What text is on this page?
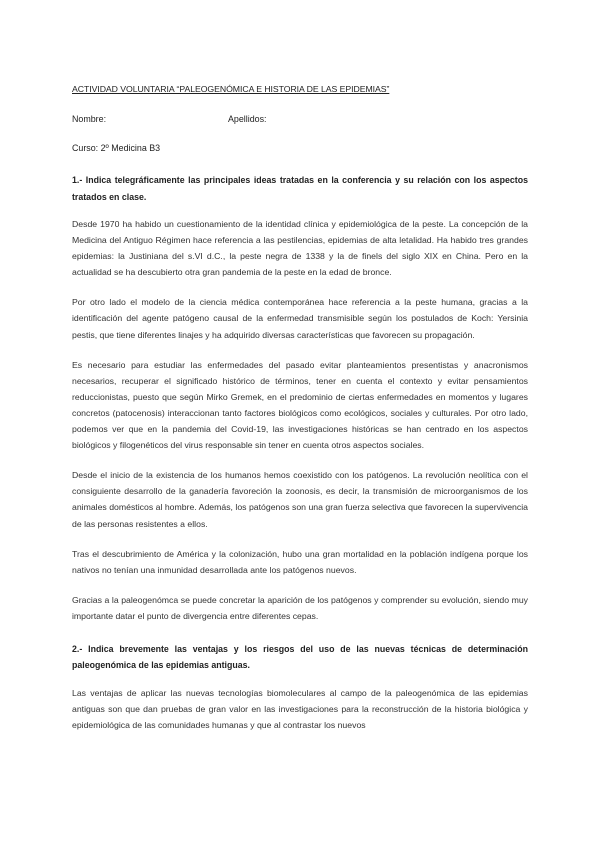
ACTIVIDAD VOLUNTARIA “PALEOGENÓMICA E HISTORIA DE LAS EPIDEMIAS”

Nombre:	Apellidos:
Curso: 2º Medicina B3

1.- Indica telegráficamente las principales ideas tratadas en la conferencia y su relación con los aspectos tratados en clase.

Desde 1970 ha habido un cuestionamiento de la identidad clínica y epidemiológica de la peste. La concepción de la Medicina del Antiguo Régimen hace referencia a las pestilencias, epidemias de alta letalidad. Ha habido tres grandes epidemias: la Justiniana del s.VI d.C., la peste negra de 1338 y la de finels del siglo XIX en China. Pero en la actualidad se ha descubierto otra gran pandemia de la peste en la edad de bronce.

Por otro lado el modelo de la ciencia médica contemporánea hace referencia a la peste humana, gracias a la identificación del agente patógeno causal de la enfermedad transmisible según los postulados de Koch: Yersinia pestis, que tiene diferentes linajes y ha adquirido diversas características que favorecen su propagación.

Es necesario para estudiar las enfermedades del pasado evitar planteamientos presentistas y anacronismos necesarios, recuperar el significado histórico de términos, tener en cuenta el contexto y evitar pensamientos reduccionistas, puesto que según Mirko Gremek, en el predominio de ciertas enfermedades en momentos y lugares concretos (patocenosis) interaccionan tanto factores biológicos como ecológicos, sociales y culturales. Por otro lado, podemos ver que en la pandemia del Covid-19, las investigaciones históricas se han centrado en los aspectos biológicos y filogenéticos del virus responsable sin tener en cuenta otros aspectos sociales.

Desde el inicio de la existencia de los humanos hemos coexistido con los patógenos. La revolución neolítica con el consiguiente desarrollo de la ganadería favoreción la zoonosis, es decir, la transmisión de microorganismos de los animales domésticos al hombre. Además, los patógenos son una gran fuerza selectiva que favorecen la supervivencia de las personas resistentes a ellos.

Tras el descubrimiento de América y la colonización, hubo una gran mortalidad en la población indígena porque los nativos no tenían una inmunidad desarrollada ante los patógenos nuevos.

Gracias a la paleogenómca se puede concretar la aparición de los patógenos y comprender su evolución, siendo muy importante datar el punto de divergencia entre diferentes cepas.

2.- Indica brevemente las ventajas y los riesgos del uso de las nuevas técnicas de determinación paleogenómica de las epidemias antiguas.

Las ventajas de aplicar las nuevas tecnologías biomoleculares al campo de la paleogenómica de las epidemias antiguas son que dan pruebas de gran valor en las investigaciones para la reconstrucción de la historia biológica y epidemiológica de las comunidades humanas y que al contrastar los nuevos
